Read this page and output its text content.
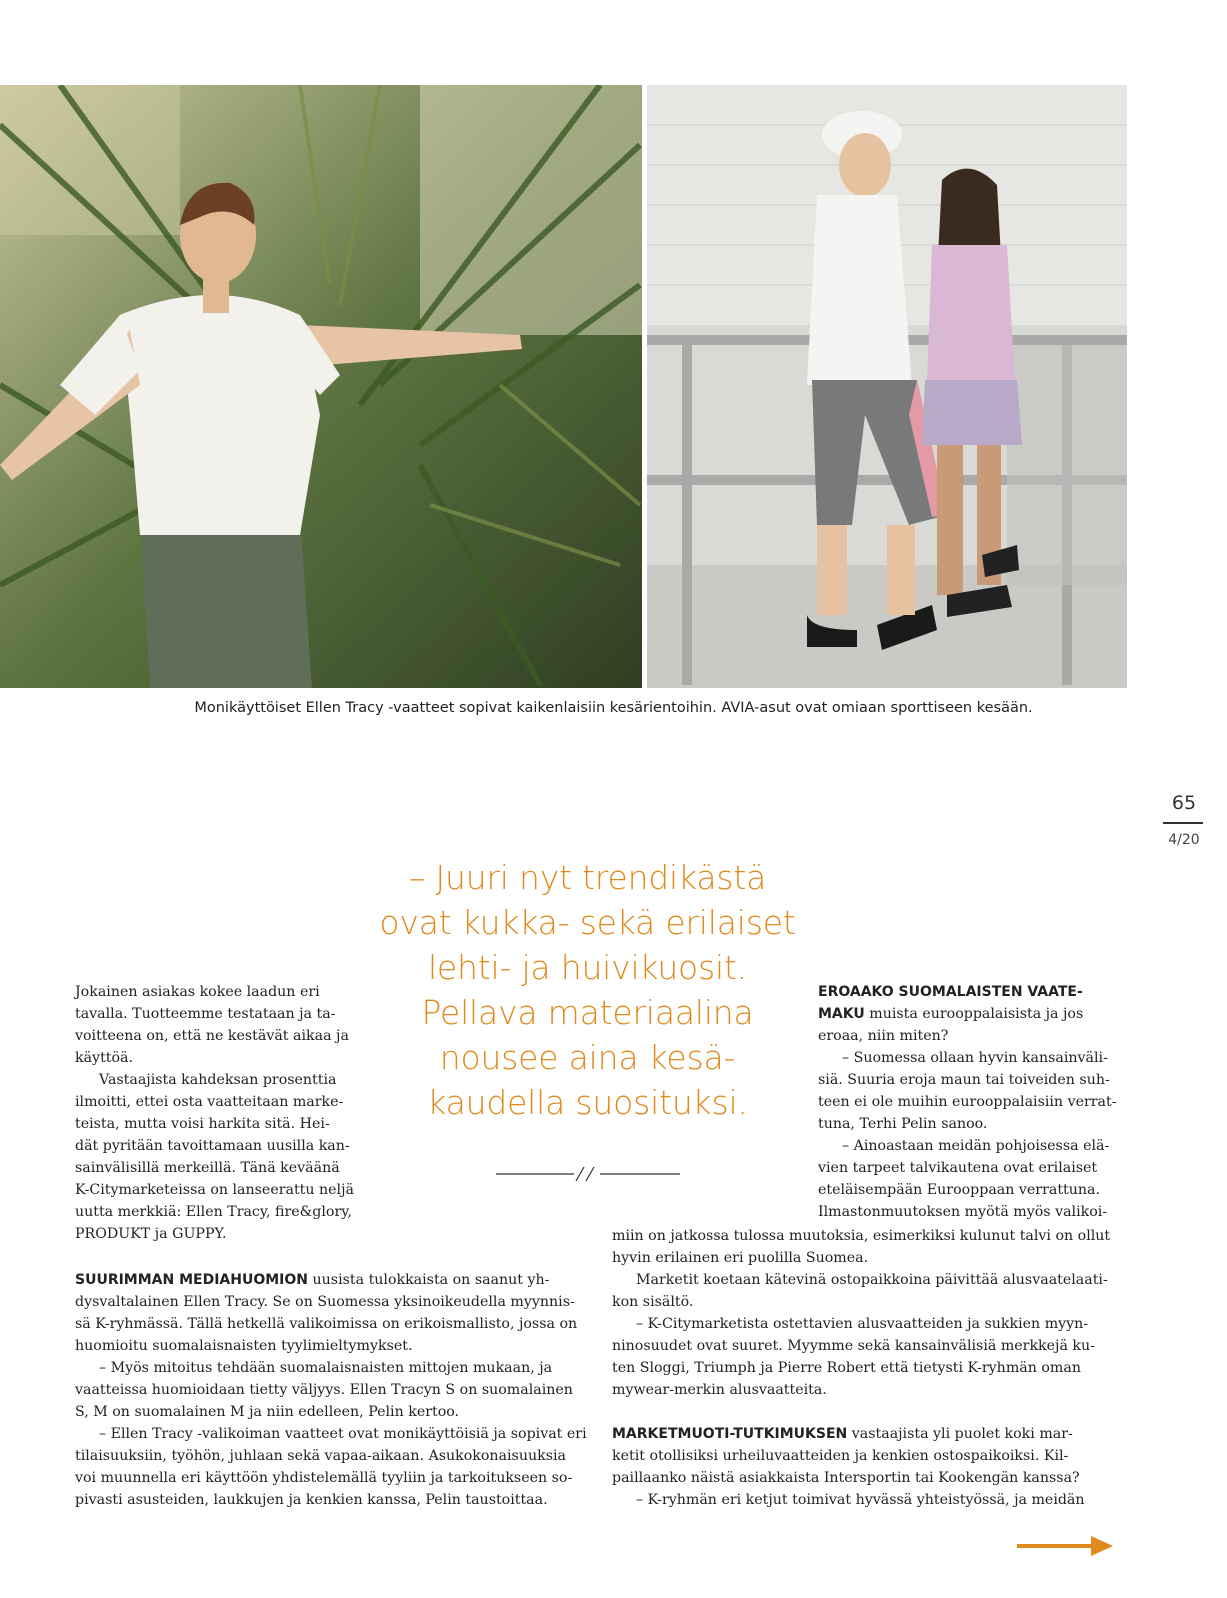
Monikäyttöiset Ellen Tracy -vaatteet sopivat kaikenlaisiin kesärientoihin. AVIA-asut ovat omiaan sporttiseen kesään.
65
4/20
– Juuri nyt trendikästä
ovat kukka- sekä erilaiset
lehti- ja huivikuosit.
Pellava materiaalina
nousee aina kesä-
kaudella suosituksi.
Jokainen asiakas kokee laadun eri
tavalla. Tuotteemme testataan ja ta-
voitteena on, että ne kestävät aikaa ja
käyttöä.
Vastaajista kahdeksan prosenttia
ilmoitti, ettei osta vaatteitaan marke-
teista, mutta voisi harkita sitä. Hei-
dät pyritään tavoittamaan uusilla kan-
sainvälisillä merkeillä. Tänä keväänä
K-Citymarketeissa on lanseerattu neljä
uutta merkkiä: Ellen Tracy, fire&glory,
PRODUKT ja GUPPY.
SUURIMMAN MEDIAHUOMION uusista tulokkaista on saanut yh-
dysvaltalainen Ellen Tracy. Se on Suomessa yksinoikeudella myynnis-
sä K-ryhmässä. Tällä hetkellä valikoimissa on erikoismallisto, jossa on
huomioitu suomalaisnaisten tyylimieltymykset.
– Myös mitoitus tehdään suomalaisnaisten mittojen mukaan, ja
vaatteissa huomioidaan tietty väljyys. Ellen Tracyn S on suomalainen
S, M on suomalainen M ja niin edelleen, Pelin kertoo.
– Ellen Tracy -valikoiman vaatteet ovat monikäyttöisiä ja sopivat eri
tilaisuuksiin, työhön, juhlaan sekä vapaa-aikaan. Asukokonaisuuksia
voi muunnella eri käyttöön yhdistelemällä tyyliin ja tarkoitukseen so-
pivasti asusteiden, laukkujen ja kenkien kanssa, Pelin taustoittaa.
EROAAKO SUOMALAISTEN VAATE-
MAKU muista eurooppalaisista ja jos
eroaa, niin miten?
– Suomessa ollaan hyvin kansainväli-
siä. Suuria eroja maun tai toiveiden suh-
teen ei ole muihin eurooppalaisiin verrat-
tuna, Terhi Pelin sanoo.
– Ainoastaan meidän pohjoisessa elä-
vien tarpeet talvikautena ovat erilaiset
eteläisempään Eurooppaan verrattuna.
Ilmastonmuutoksen myötä myös valikoi-
miin on jatkossa tulossa muutoksia, esimerkiksi kulunut talvi on ollut
hyvin erilainen eri puolilla Suomea.
Marketit koetaan kätevinä ostopaikkoina päivittää alusvaatelaati-
kon sisältö.
– K-Citymarketista ostettavien alusvaatteiden ja sukkien myyn-
ninosuudet ovat suuret. Myymme sekä kansainvälisiä merkkejä ku-
ten Sloggi, Triumph ja Pierre Robert että tietysti K-ryhmän oman
mywear-merkin alusvaatteita.
MARKETMUOTI-TUTKIMUKSEN vastaajista yli puolet koki mar-
ketit otollisiksi urheiluvaatteiden ja kenkien ostospaikoiksi. Kil-
paillaanko näistä asiakkaista Intersportin tai Kookengän kanssa?
– K-ryhmän eri ketjut toimivat hyvässä yhteistyössä, ja meidän
